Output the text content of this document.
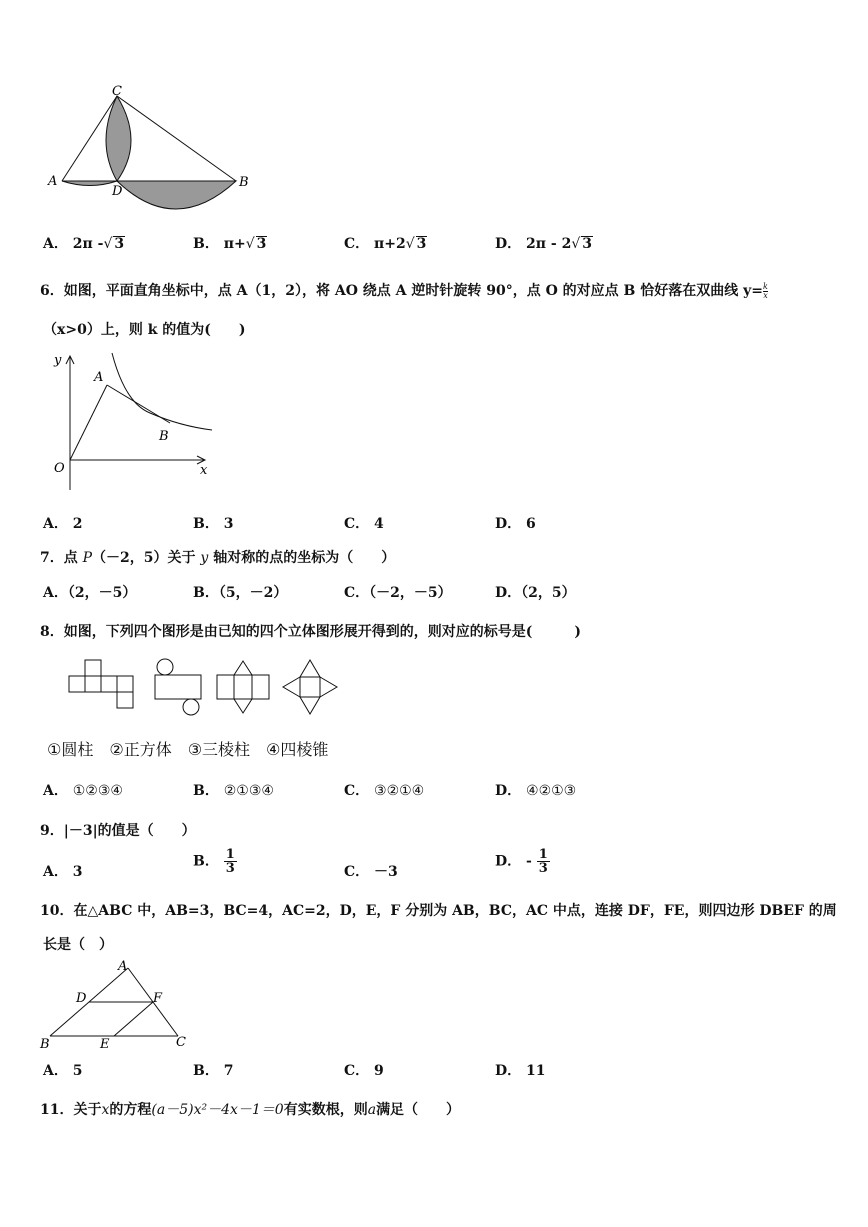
C
A
D
B
A． 2π -√ 3	B． π+√ 3	C． π+2√ 3	D． 2π - 2√ 3
6．如图，平面直角坐标中，点 A（1，2），将 AO 绕点 A 逆时针旋转 90°，点 O 的对应点 B 恰好落在双曲线 $y= \frac{k}{x}$
（x>0）上，则 k 的值为(　　)
y
A
B
O	x
A． 2	B． 3	C． 4	D． 6
7．点 P（－2，5）关于 y 轴对称的点的坐标为（　　）
A．（2，－5）	B．（5，－2）	C．（－2，－5）	D．（2，5）
8．如图，下列四个图形是由已知的四个立体图形展开得到的，则对应的标号是(　　　)
①圆柱　②正方体　③三棱柱　④四棱锥
A． ①②③④	B． ②①③④	C． ③②①④	D． ④②①③
9．|－3|的值是（　　）
A． 3
B． $\frac{1}{3}$	C． －3
D． - $\frac{1}{3}$
10．在△ABC 中，AB=3，BC=4，AC=2，D，E，F 分别为 AB，BC，AC 中点，连接 DF，FE，则四边形 DBEF 的周
长是（　）
A
D	F
B	E	C
A． 5	B． 7	C． 9	D． 11
11．关于x的方程(a－5)x²－4x－1＝0有实数根，则a满足（　　）
